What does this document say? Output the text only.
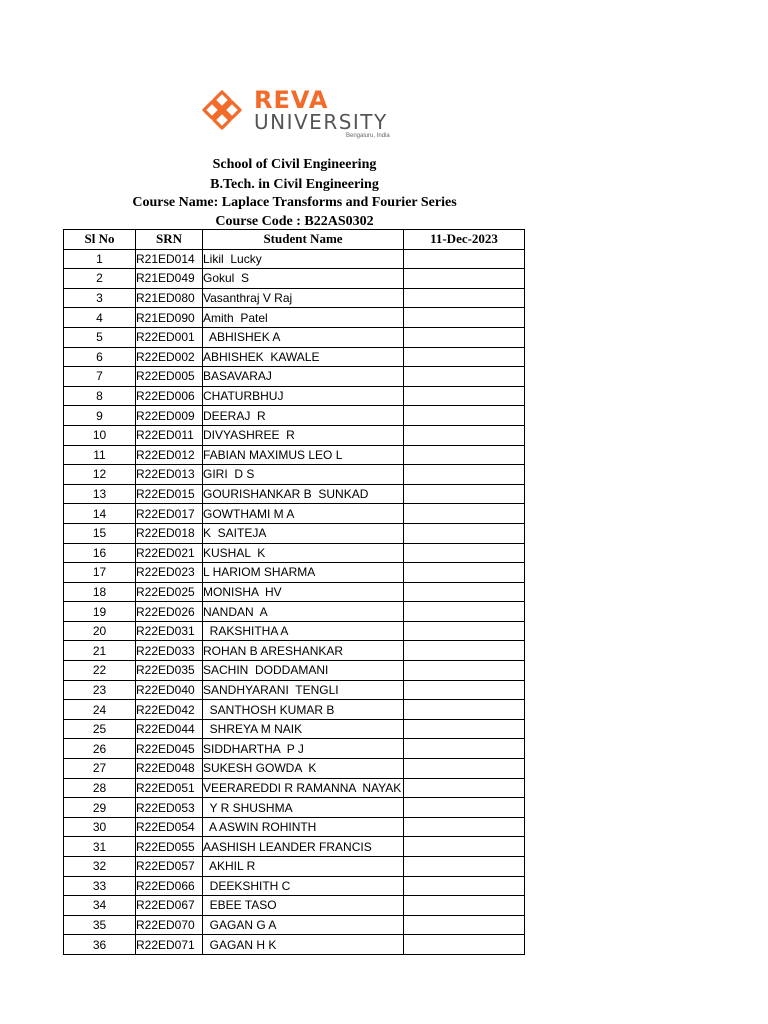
REVA
UNIVERSITY
Bengaluru, India
School of Civil Engineering
B.Tech. in Civil Engineering
Course Name: Laplace Transforms and Fourier Series
Course Code : B22AS0302
Sl No	SRN	Student Name	11-Dec-2023
1	R21ED014	Likil  Lucky	
2	R21ED049	Gokul  S	
3	R21ED080	Vasanthraj V Raj	
4	R21ED090	Amith  Patel	
5	R22ED001	ABHISHEK A	
6	R22ED002	ABHISHEK  KAWALE	
7	R22ED005	BASAVARAJ	
8	R22ED006	CHATURBHUJ	
9	R22ED009	DEERAJ  R	
10	R22ED011	DIVYASHREE  R	
11	R22ED012	FABIAN MAXIMUS LEO L	
12	R22ED013	GIRI  D S	
13	R22ED015	GOURISHANKAR B  SUNKAD	
14	R22ED017	GOWTHAMI M A	
15	R22ED018	K  SAITEJA	
16	R22ED021	KUSHAL  K	
17	R22ED023	L HARIOM SHARMA	
18	R22ED025	MONISHA  HV	
19	R22ED026	NANDAN  A	
20	R22ED031	RAKSHITHA A	
21	R22ED033	ROHAN B ARESHANKAR	
22	R22ED035	SACHIN  DODDAMANI	
23	R22ED040	SANDHYARANI  TENGLI	
24	R22ED042	SANTHOSH KUMAR B	
25	R22ED044	SHREYA M NAIK	
26	R22ED045	SIDDHARTHA  P J	
27	R22ED048	SUKESH GOWDA  K	
28	R22ED051	VEERAREDDI R RAMANNA  NAYAK	
29	R22ED053	Y R SHUSHMA	
30	R22ED054	A ASWIN ROHINTH	
31	R22ED055	AASHISH LEANDER FRANCIS	
32	R22ED057	AKHIL R	
33	R22ED066	DEEKSHITH C	
34	R22ED067	EBEE TASO	
35	R22ED070	GAGAN G A	
36	R22ED071	GAGAN H K	
